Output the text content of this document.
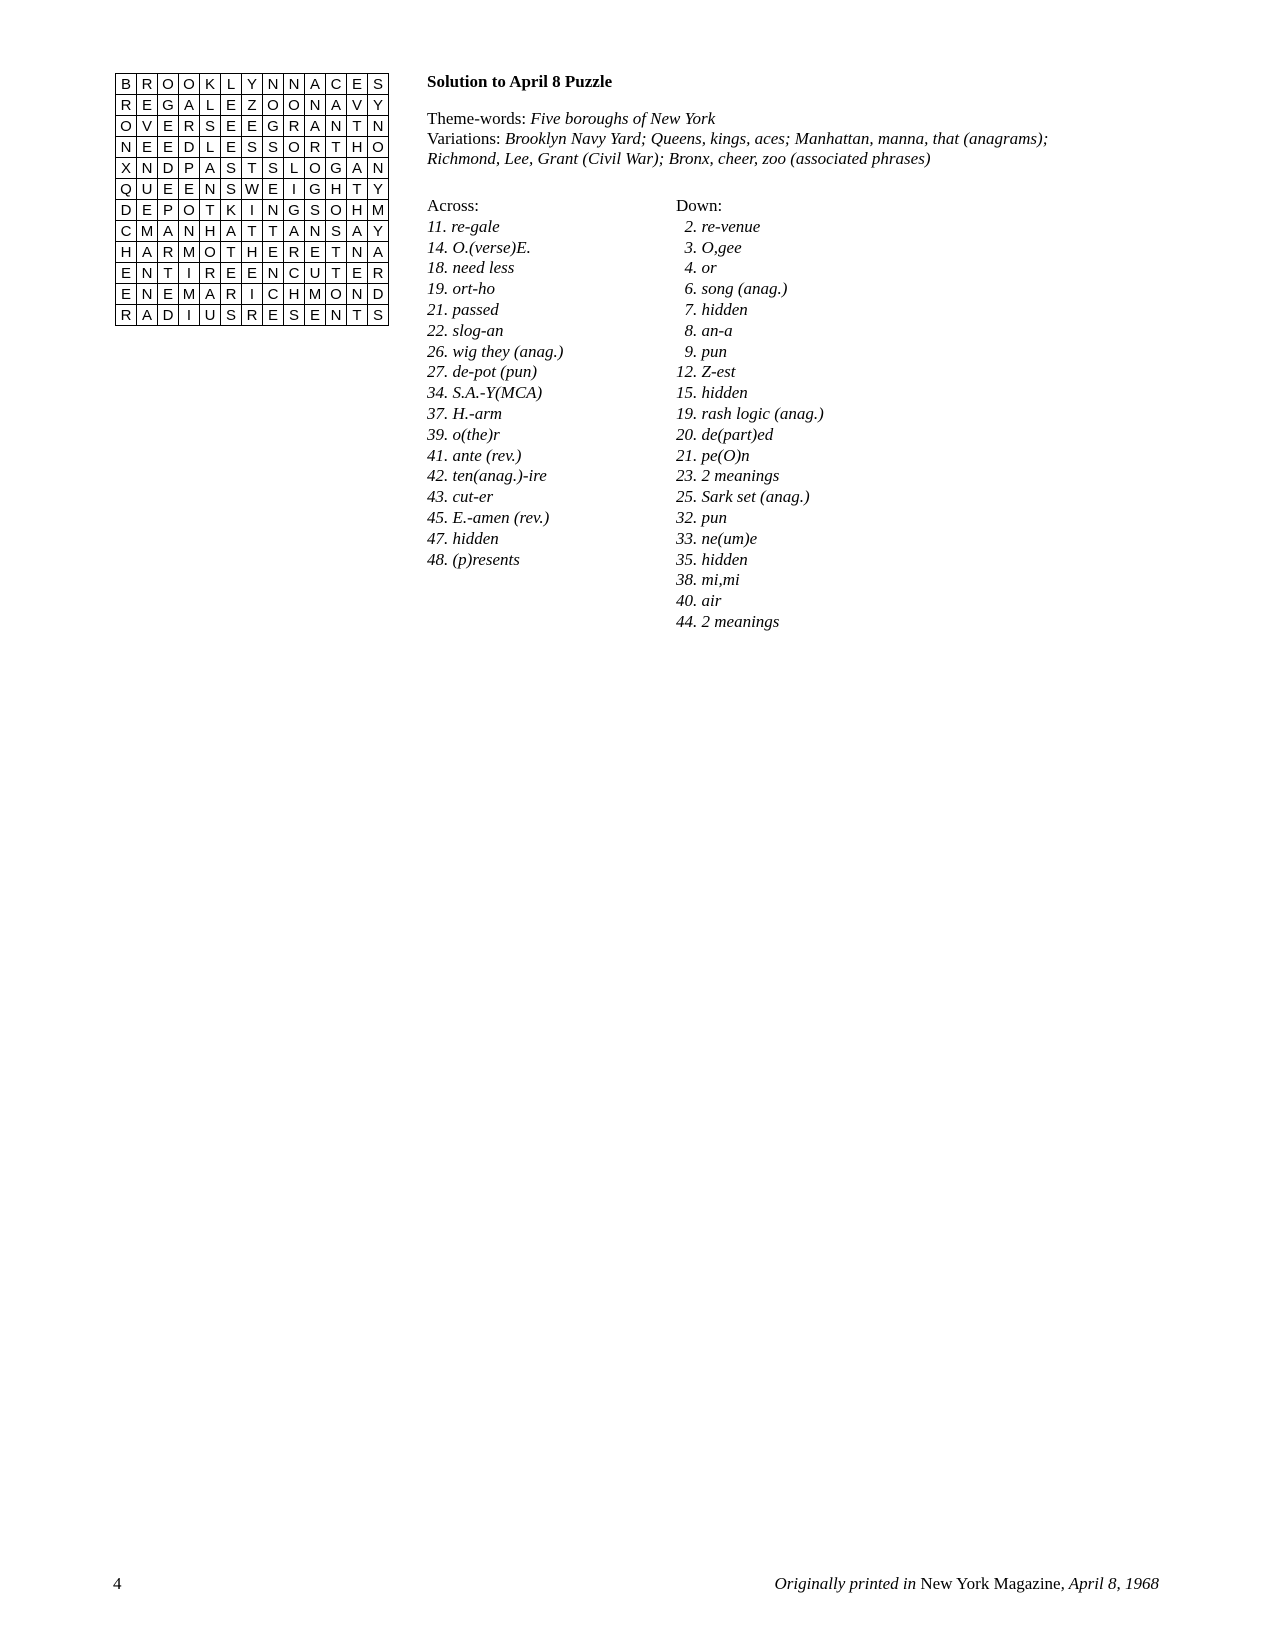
B R O O K L Y N N A C E S
R E G A L E Z O O N A V Y
O V E R S E E G R A N T N
N E E D L E S S O R T H O
X N D P A S T S L O G A N
Q U E E N S W E I G H T Y
D E P O T K I N G S O H M
C M A N H A T T A N S A Y
H A R M O T H E R E T N A
E N T I R E E N C U T E R
E N E M A R I C H M O N D
R A D I U S R E S E N T S
Solution to April 8 Puzzle
Theme-words: Five boroughs of New York
Variations: Brooklyn Navy Yard; Queens, kings, aces; Manhattan, manna, that (anagrams);
Richmond, Lee, Grant (Civil War); Bronx, cheer, zoo (associated phrases)
Across:
11. re-gale
14. O.(verse)E.
18. need less
19. ort-ho
21. passed
22. slog-an
26. wig they (anag.)
27. de-pot (pun)
34. S.A.-Y(MCA)
37. H.-arm
39. o(the)r
41. ante (rev.)
42. ten(anag.)-ire
43. cut-er
45. E.-amen (rev.)
47. hidden
48. (p)resents
Down:
2. re-venue
3. O,gee
4. or
6. song (anag.)
7. hidden
8. an-a
9. pun
12. Z-est
15. hidden
19. rash logic (anag.)
20. de(part)ed
21. pe(O)n
23. 2 meanings
25. Sark set (anag.)
32. pun
33. ne(um)e
35. hidden
38. mi,mi
40. air
44. 2 meanings
4	Originally printed in New York Magazine, April 8, 1968
